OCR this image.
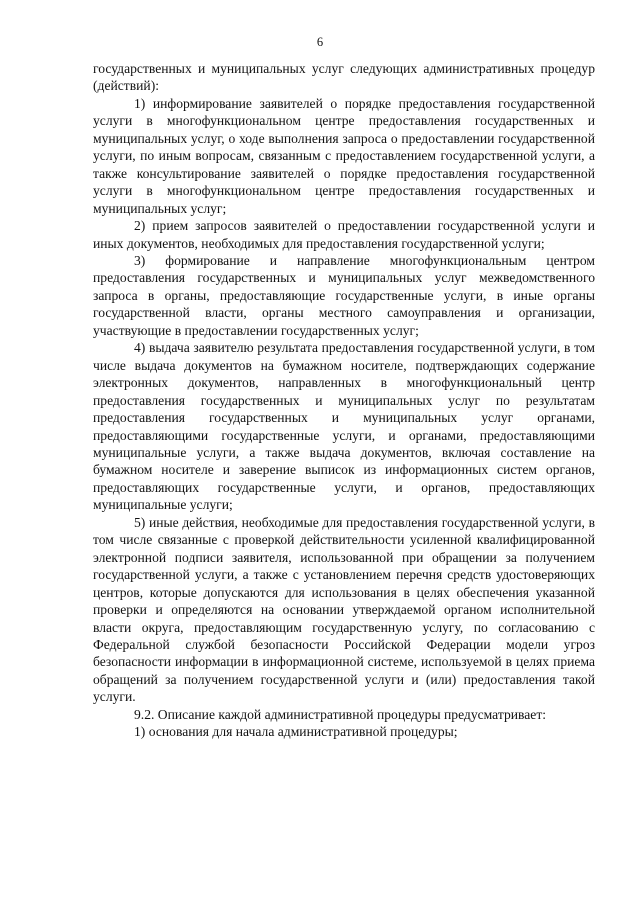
6

государственных и муниципальных услуг следующих административных процедур (действий):

1) информирование заявителей о порядке предоставления государственной услуги в многофункциональном центре предоставления государственных и муниципальных услуг, о ходе выполнения запроса о предоставлении государственной услуги, по иным вопросам, связанным с предоставлением государственной услуги, а также консультирование заявителей о порядке предоставления государственной услуги в многофункциональном центре предоставления государственных и муниципальных услуг;

2) прием запросов заявителей о предоставлении государственной услуги и иных документов, необходимых для предоставления государственной услуги;

3) формирование и направление многофункциональным центром предоставления государственных и муниципальных услуг межведомственного запроса в органы, предоставляющие государственные услуги, в иные органы государственной власти, органы местного самоуправления и организации, участвующие в предоставлении государственных услуг;

4) выдача заявителю результата предоставления государственной услуги, в том числе выдача документов на бумажном носителе, подтверждающих содержание электронных документов, направленных в многофункциональный центр предоставления государственных и муниципальных услуг по результатам предоставления государственных и муниципальных услуг органами, предоставляющими государственные услуги, и органами, предоставляющими муниципальные услуги, а также выдача документов, включая составление на бумажном носителе и заверение выписок из информационных систем органов, предоставляющих государственные услуги, и органов, предоставляющих муниципальные услуги;

5) иные действия, необходимые для предоставления государственной услуги, в том числе связанные с проверкой действительности усиленной квалифицированной электронной подписи заявителя, использованной при обращении за получением государственной услуги, а также с установлением перечня средств удостоверяющих центров, которые допускаются для использования в целях обеспечения указанной проверки и определяются на основании утверждаемой органом исполнительной власти округа, предоставляющим государственную услугу, по согласованию с Федеральной службой безопасности Российской Федерации модели угроз безопасности информации в информационной системе, используемой в целях приема обращений за получением государственной услуги и (или) предоставления такой услуги.

9.2. Описание каждой административной процедуры предусматривает:

1) основания для начала административной процедуры;
